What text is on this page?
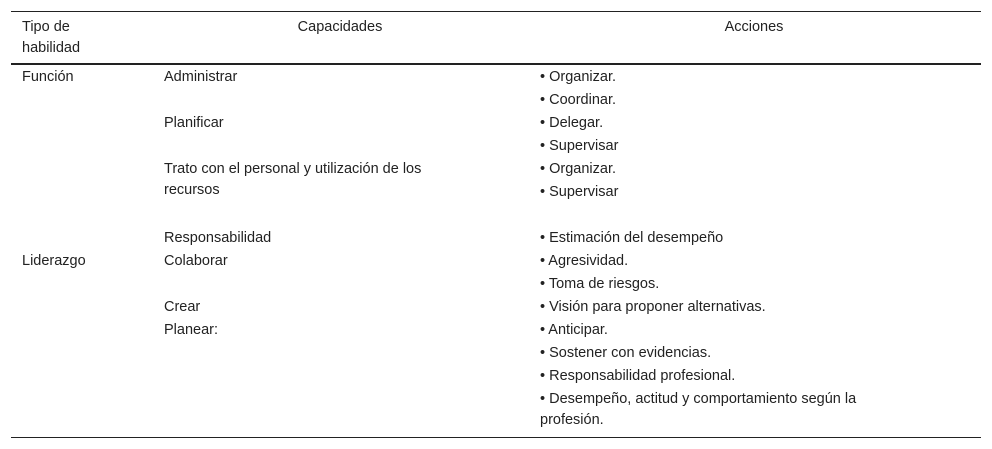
Tipo de
habilidad
Capacidades	Acciones
Función
Liderazgo
Administrar
Planificar
Trato con el personal y utilización de los recursos
Responsabilidad
Colaborar
Crear
Planear:
• Organizar.
• Coordinar.
• Delegar.
• Supervisar
• Organizar.
• Supervisar
• Estimación del desempeño
• Agresividad.
• Toma de riesgos.
• Visión para proponer alternativas.
• Anticipar.
• Sostener con evidencias.
• Responsabilidad profesional.
• Desempeño, actitud y comportamiento según la profesión.
